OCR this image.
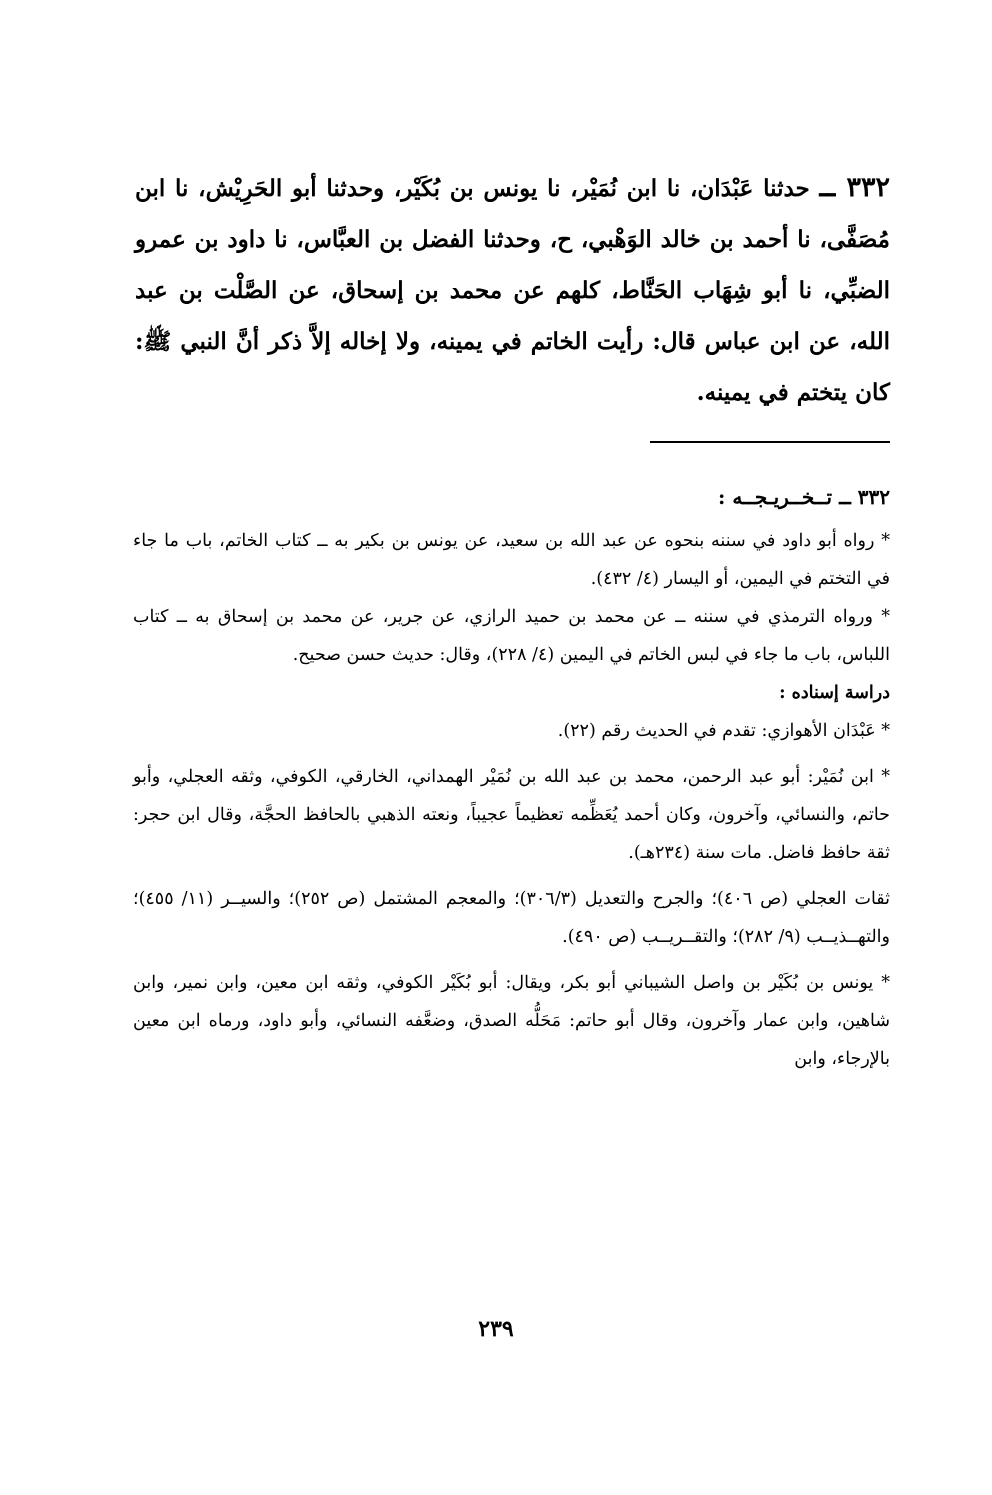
٣٣٢ ــ حدثنا عَبْدَان، نا ابن نُمَيْر، نا يونس بن بُكَيْر، وحدثنا أبو الحَرِيْش، نا ابن مُصَفَّى، نا أحمد بن خالد الوَهْبي، ح، وحدثنا الفضل بن العبَّاس، نا داود بن عمرو الضبِّي، نا أبو شِهَاب الحَنَّاط، كلهم عن محمد بن إسحاق، عن الصَّلْت بن عبد الله، عن ابن عباس قال: رأيت الخاتم في يمينه، ولا إخاله إلاَّ ذكر أنَّ النبي ﷺ: كان يتختم في يمينه.
٣٣٢ ــ تــخــريـجــه :

* رواه أبو داود في سننه بنحوه عن عبد الله بن سعيد، عن يونس بن بكير به ــ كتاب الخاتم، باب ما جاء في التختم في اليمين، أو اليسار (٤/ ٤٣٢).

* ورواه الترمذي في سننه ــ عن محمد بن حميد الرازي، عن جرير، عن محمد بن إسحاق به ــ كتاب اللباس، باب ما جاء في لبس الخاتم في اليمين (٤/ ٢٢٨)، وقال: حديث حسن صحيح.

دراسة إسناده :

* عَبْدَان الأهوازي: تقدم في الحديث رقم (٢٢).

* ابن نُمَيْر: أبو عبد الرحمن، محمد بن عبد الله بن نُمَيْر الهمداني، الخارقي، الكوفي، وثقه العجلي، وأبو حاتم، والنسائي، وآخرون، وكان أحمد يُعَظِّمه تعظيماً عجيباً، ونعته الذهبي بالحافظ الحجَّة، وقال ابن حجر: ثقة حافظ فاضل. مات سنة (٢٣٤هـ).

ثقات العجلي (ص ٤٠٦)؛ والجرح والتعديل (٣٠٦/٣)؛ والمعجم المشتمل (ص ٢٥٢)؛ والسيــر (١١/ ٤٥٥)؛ والتهــذيــب (٩/ ٢٨٢)؛ والتقــريــب (ص ٤٩٠).

* يونس بن بُكَيْر بن واصل الشيباني أبو بكر، ويقال: أبو بُكَيْر الكوفي، وثقه ابن معين، وابن نمير، وابن شاهين، وابن عمار وآخرون، وقال أبو حاتم: مَحَلُّه الصدق، وضعَّفه النسائي، وأبو داود، ورماه ابن معين بالإرجاء، وابن

٢٣٩
